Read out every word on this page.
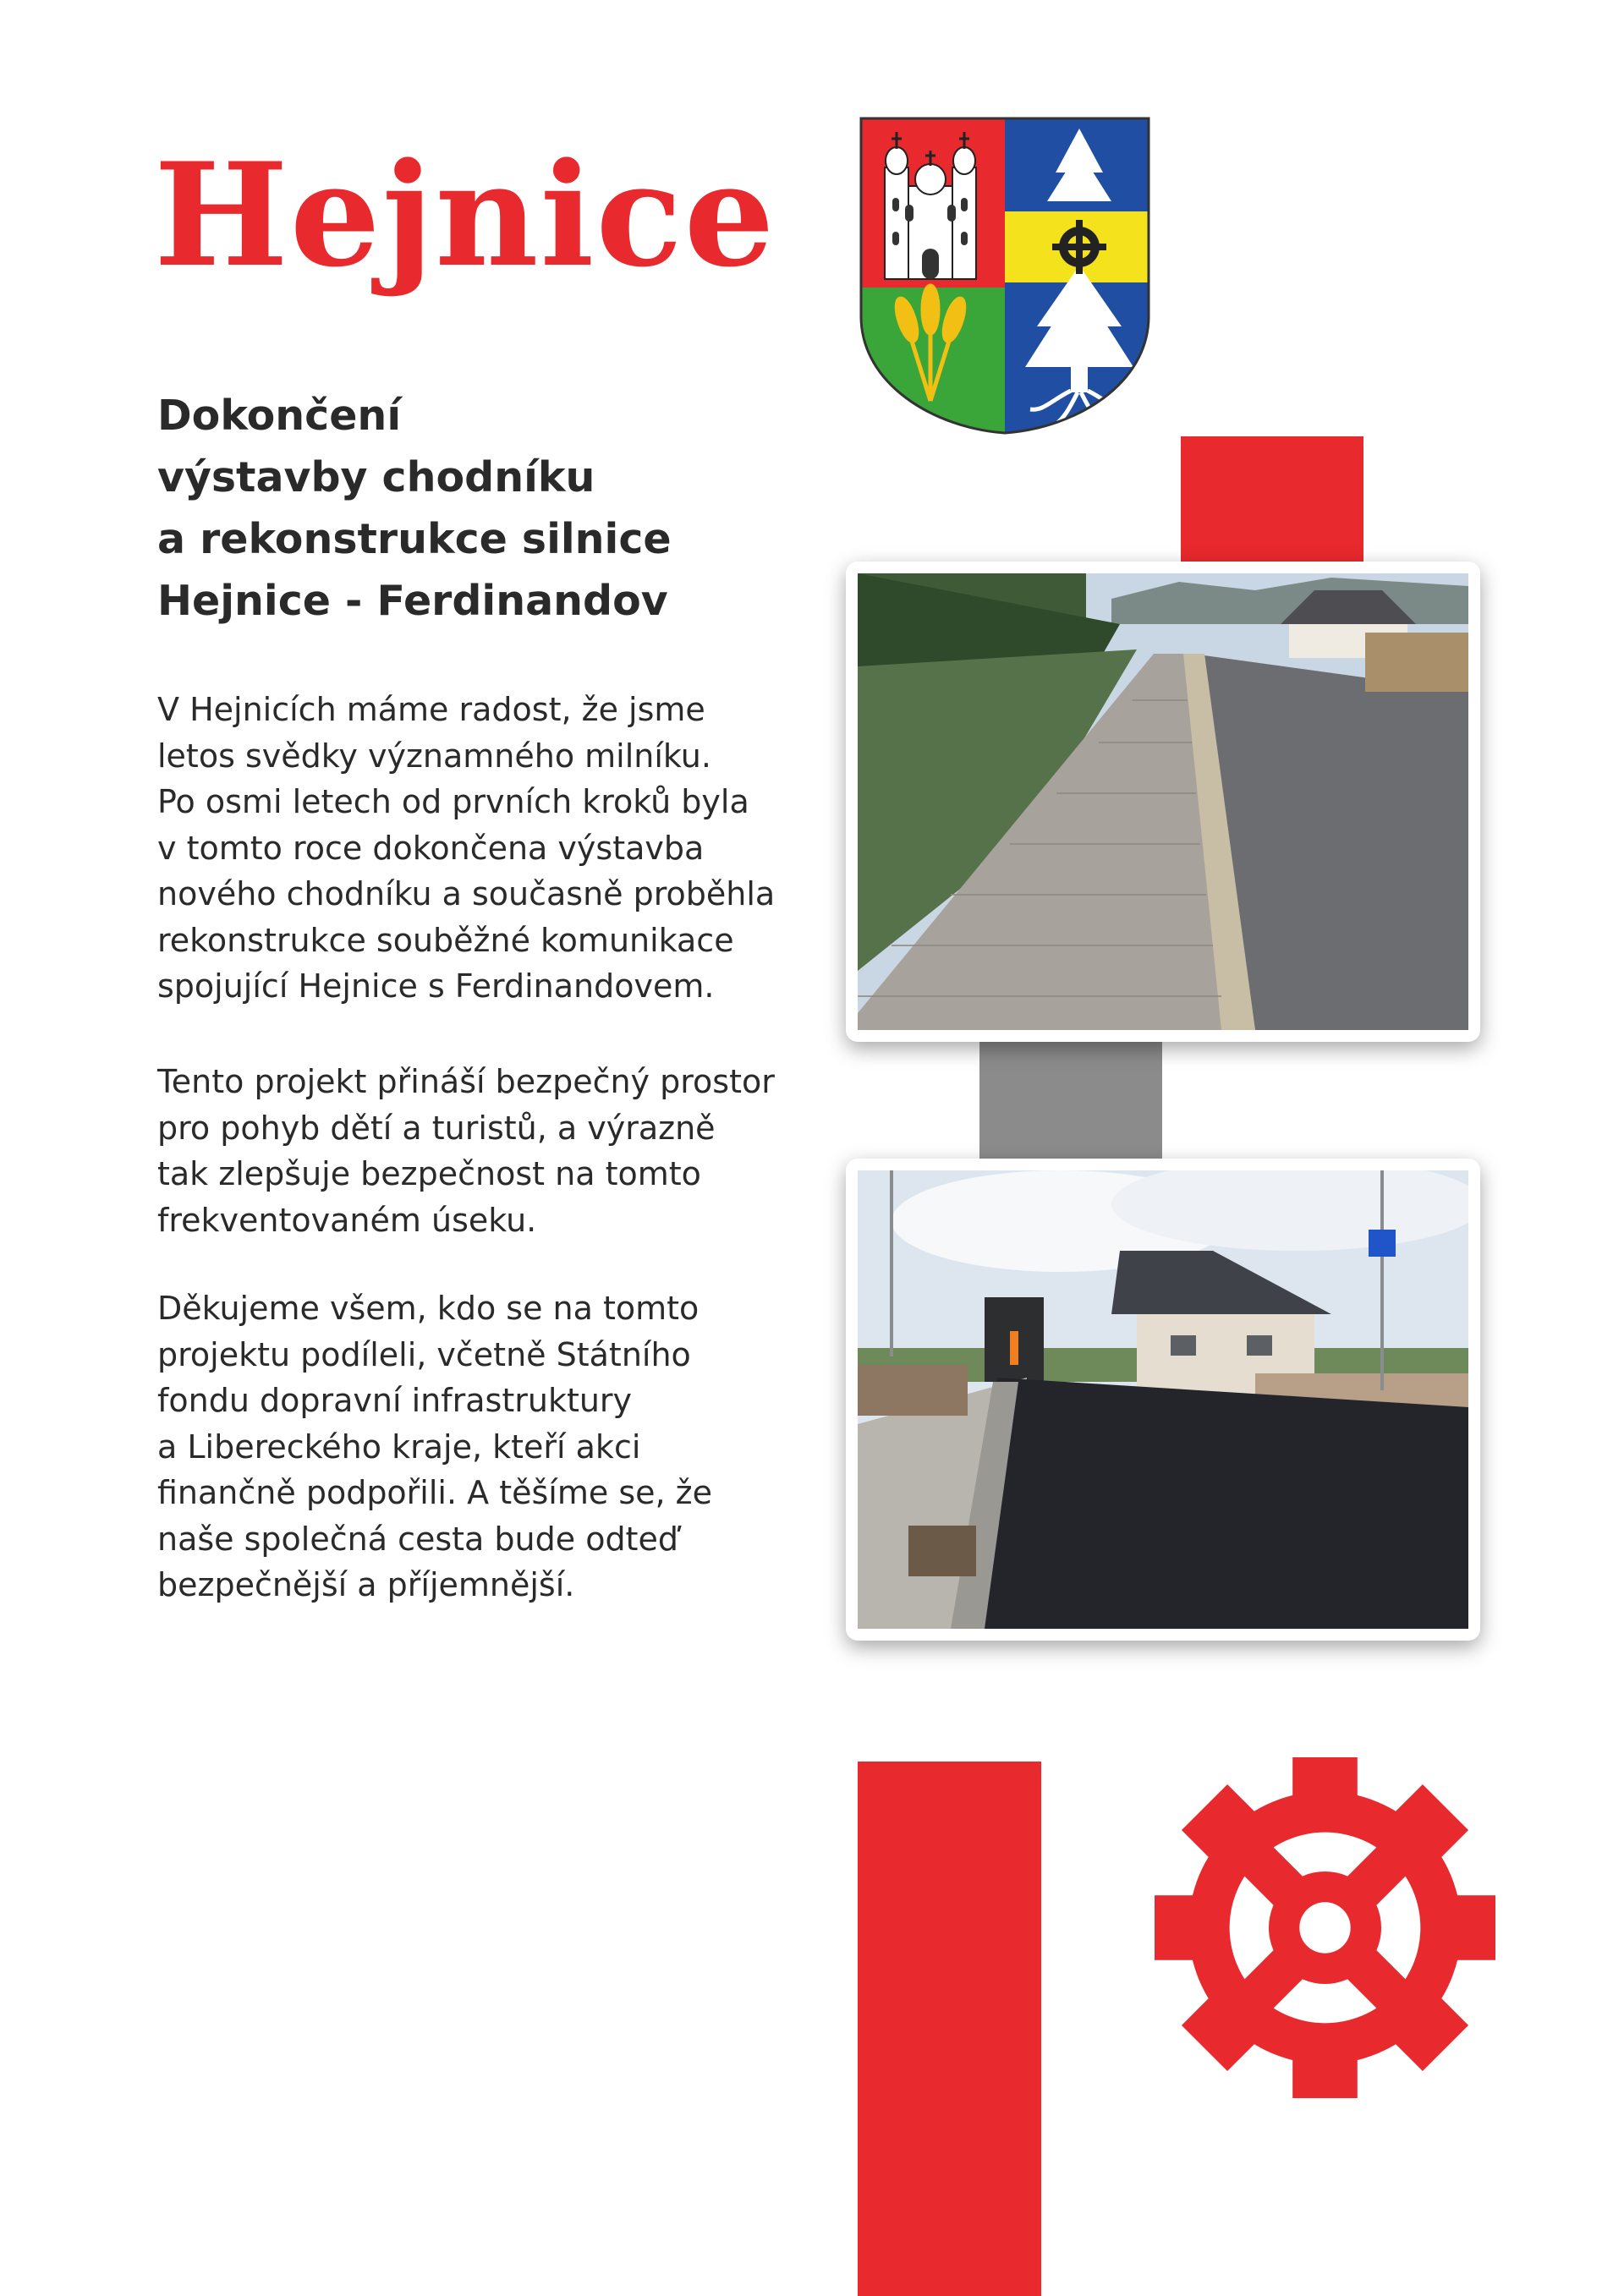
Hejnice
Dokončení
výstavby chodníku
a rekonstrukce silnice
Hejnice - Ferdinandov

V Hejnicích máme radost, že jsme
letos svědky významného milníku.
Po osmi letech od prvních kroků byla
v tomto roce dokončena výstavba
nového chodníku a současně proběhla
rekonstrukce souběžné komunikace
spojující Hejnice s Ferdinandovem.

Tento projekt přináší bezpečný prostor
pro pohyb dětí a turistů, a výrazně
tak zlepšuje bezpečnost na tomto
frekventovaném úseku.

Děkujeme všem, kdo se na tomto
projektu podíleli, včetně Státního
fondu dopravní infrastruktury
a Libereckého kraje, kteří akci
finančně podpořili. A těšíme se, že
naše společná cesta bude odteď
bezpečnější a příjemnější.
